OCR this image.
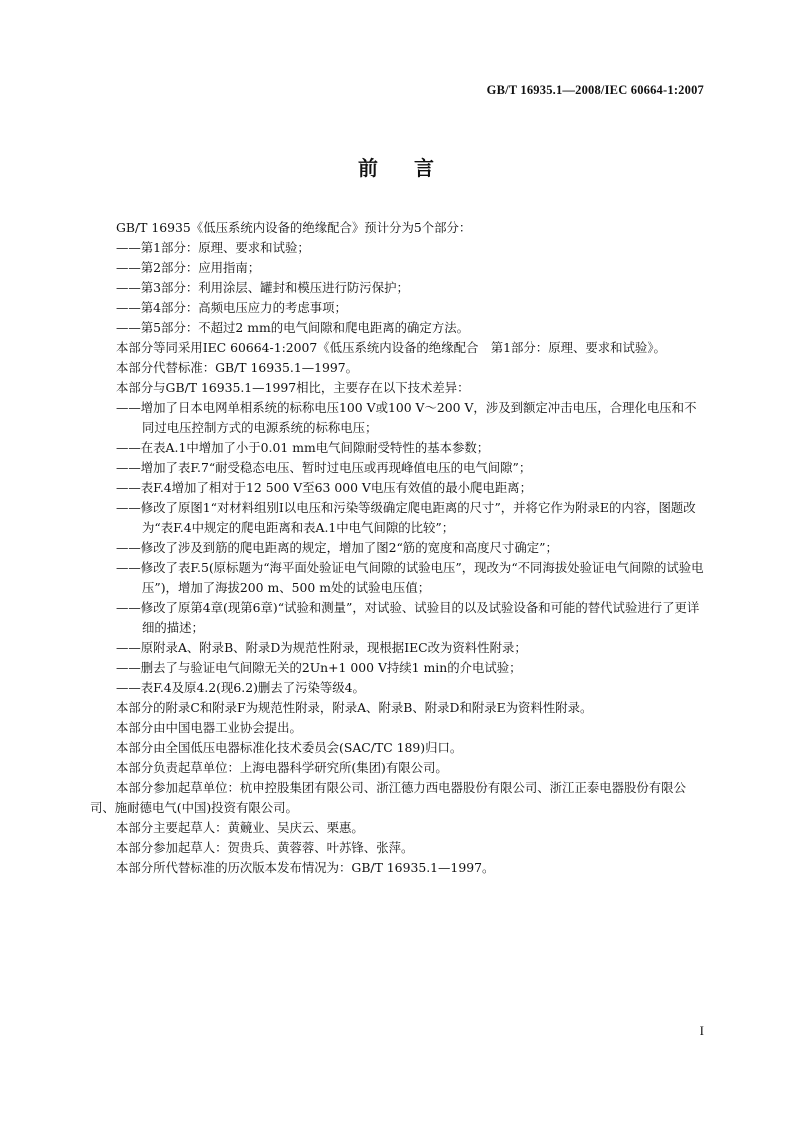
GB/T 16935.1—2008/IEC 60664-1:2007
前 言

GB/T 16935《低压系统内设备的绝缘配合》预计分为5个部分：

——第1部分：原理、要求和试验；

——第2部分：应用指南；

——第3部分：利用涂层、罐封和模压进行防污保护；

——第4部分：高频电压应力的考虑事项；

——第5部分：不超过2 mm的电气间隙和爬电距离的确定方法。

本部分等同采用IEC 60664-1:2007《低压系统内设备的绝缘配合　第1部分：原理、要求和试验》。

本部分代替标准：GB/T 16935.1—1997。

本部分与GB/T 16935.1—1997相比，主要存在以下技术差异：

——增加了日本电网单相系统的标称电压100 V或100 V～200 V，涉及到额定冲击电压，合理化电压和不同过电压控制方式的电源系统的标称电压；

——在表A.1中增加了小于0.01 mm电气间隙耐受特性的基本参数；

——增加了表F.7“耐受稳态电压、暂时过电压或再现峰值电压的电气间隙”；

——表F.4增加了相对于12 500 V至63 000 V电压有效值的最小爬电距离；

——修改了原图1“对材料组别Ⅰ以电压和污染等级确定爬电距离的尺寸”，并将它作为附录E的内容，图题改为“表F.4中规定的爬电距离和表A.1中电气间隙的比较”；

——修改了涉及到筋的爬电距离的规定，增加了图2“筋的宽度和高度尺寸确定”；

——修改了表F.5(原标题为“海平面处验证电气间隙的试验电压”，现改为“不同海拔处验证电气间隙的试验电压”)，增加了海拔200 m、500 m处的试验电压值；

——修改了原第4章(现第6章)“试验和测量”，对试验、试验目的以及试验设备和可能的替代试验进行了更详细的描述；

——原附录A、附录B、附录D为规范性附录，现根据IEC改为资料性附录；

——删去了与验证电气间隙无关的2Un+1 000 V持续1 min的介电试验；

——表F.4及原4.2(现6.2)删去了污染等级4。

本部分的附录C和附录F为规范性附录，附录A、附录B、附录D和附录E为资料性附录。

本部分由中国电器工业协会提出。

本部分由全国低压电器标准化技术委员会(SAC/TC 189)归口。

本部分负责起草单位：上海电器科学研究所(集团)有限公司。

本部分参加起草单位：杭申控股集团有限公司、浙江德力西电器股份有限公司、浙江正泰电器股份有限公司、施耐德电气(中国)投资有限公司。

本部分主要起草人：黄竸业、吴庆云、栗惠。

本部分参加起草人：贺贵兵、黄蓉蓉、叶苏锋、张萍。

本部分所代替标准的历次版本发布情况为：GB/T 16935.1—1997。

I
